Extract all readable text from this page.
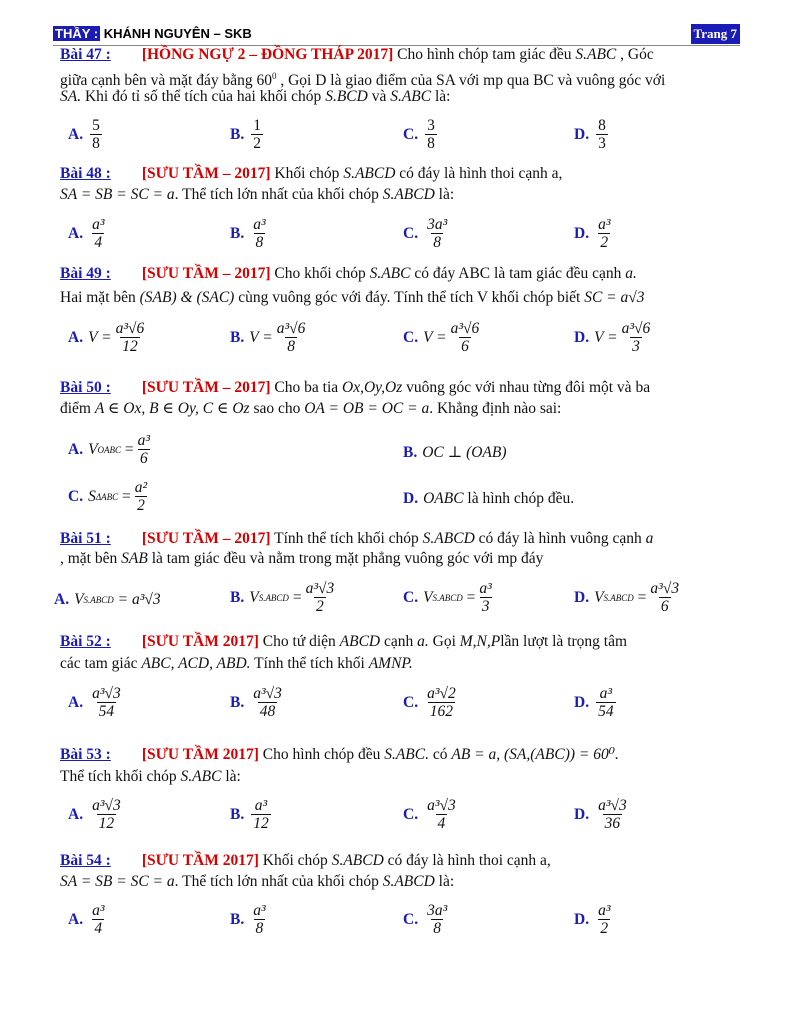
THẦY : KHÁNH NGUYÊN – SKB	Trang 7
Bài 47 : [HỒNG NGỰ 2 – ĐỒNG THÁP 2017] Cho hình chóp tam giác đều S.ABC , Góc
giữa cạnh bên và mặt đáy bằng $60^0$ , Gọi D là giao điểm của SA với mp qua BC và vuông góc với
SA. Khi đó tỉ số thể tích của hai khối chóp S.BCD và S.ABC là:
A. $\frac{5}{8}$	B. $\frac{1}{2}$	C. $\frac{3}{8}$	D. $\frac{8}{3}$
Bài 48 : [SƯU TẦM – 2017] Khối chóp S.ABCD có đáy là hình thoi cạnh a,
SA = SB = SC = a. Thể tích lớn nhất của khối chóp S.ABCD là:
A. $\frac{\text{a³}}{4}$	B. $\frac{\text{a³}}{8}$	C. $\frac{\text{3a³}}{8}$	D. $\frac{\text{a³}}{2}$
Bài 49 : [SƯU TẦM – 2017] Cho khối chóp S.ABC có đáy ABC là tam giác đều cạnh a.
Hai mặt bên (SAB) & (SAC) cùng vuông góc với đáy. Tính thể tích V khối chóp biết SC = a√3
A. $V = \frac{\text{a³√6}}{12}$	B. $V = \frac{\text{a³√6}}{8}$	C. $V = \frac{\text{a³√6}}{6}$	D. $V = \frac{\text{a³√6}}{3}$
Bài 50 : [SƯU TẦM – 2017] Cho ba tia Ox,Oy,Oz vuông góc với nhau từng đôi một và ba
điểm A ∈ Ox, B ∈ Oy, C ∈ Oz sao cho OA = OB = OC = a. Khẳng định nào sai:
A. V OABC = $\frac{\text{a³}}{6}$	B. OC ⊥ (OAB)
C. S $\Delta ABC = \frac{\text{a²}}{2}$	D. OABC
là hình chóp đều.
Bài 51 : [SƯU TẦM – 2017] Tính thể tích khối chóp S.ABCD có đáy là hình vuông cạnh a
, mặt bên SAB là tam giác đều và nằm trong mặt phẳng vuông góc với mp đáy
A. V S.ABCD
= a³√3	B. V S.ABCD = $\frac{\text{a³√3}}{2}$	C. V S.ABCD = $\frac{\text{a³}}{3}$	D. V S.ABCD = $\frac{\text{a³√3}}{6}$
Bài 52 : [SƯU TẦM 2017] Cho tứ diện ABCD cạnh a. Gọi M,N,Plần lượt là trọng tâm
các tam giác ABC, ACD, ABD. Tính thể tích khối AMNP.
A. $\frac{\text{a³√3}}{54}$	B. $\frac{\text{a³√3}}{48}$	C. $\frac{\text{a³√2}}{162}$	D. $\frac{\text{a³}}{54}$
Bài 53 : [SƯU TẦM 2017] Cho hình chóp đều S.ABC. có AB = a, (SA,(ABC)) = 60⁰.
Thể tích khối chóp S.ABC là:
A. $\frac{\text{a³√3}}{12}$	B. $\frac{\text{a³}}{12}$	C. $\frac{\text{a³√3}}{4}$	D. $\frac{\text{a³√3}}{36}$
Bài 54 : [SƯU TẦM 2017] Khối chóp S.ABCD có đáy là hình thoi cạnh a,
SA = SB = SC = a. Thể tích lớn nhất của khối chóp S.ABCD là:
A. $\frac{\text{a³}}{4}$	B. $\frac{\text{a³}}{8}$	C. $\frac{\text{3a³}}{8}$	D. $\frac{\text{a³}}{2}$
